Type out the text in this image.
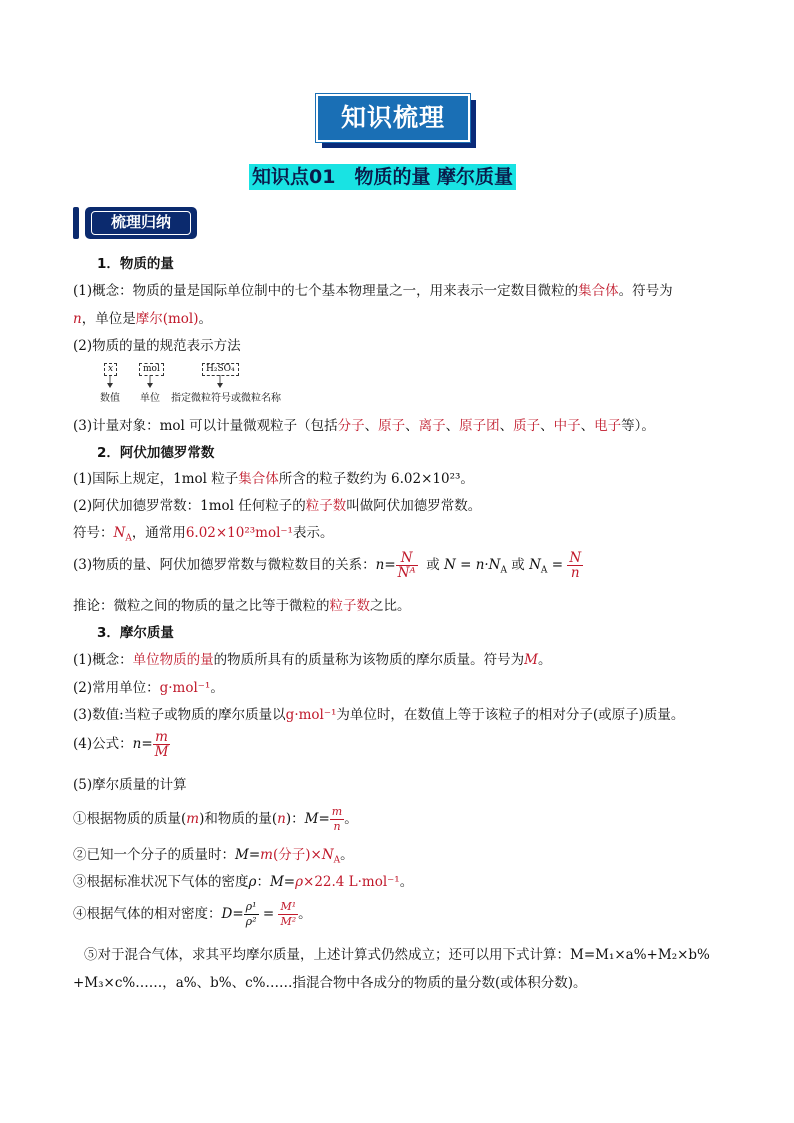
知识梳理
知识点01　物质的量 摩尔质量
梳理归纳
1．物质的量
(1)概念：物质的量是国际单位制中的七个基本物理量之一，用来表示一定数目微粒的集合体。符号为
n，单位是摩尔(mol)。
(2)物质的量的规范表示方法
x	mol	H₂SO₄
数值 单位 指定微粒符号或微粒名称
(3)计量对象：mol 可以计量微观粒子（包括分子、原子、离子、原子团、质子、中子、电子等）。
2．阿伏加德罗常数
(1)国际上规定，1mol 粒子集合体所含的粒子数约为 6.02×10²³。
(2)阿伏加德罗常数：1mol 任何粒子的粒子数叫做阿伏加德罗常数。
符号：$N_A$，通常用6.02×10²³mol⁻¹表示。
(3)物质的量、阿伏加德罗常数与微粒数目的关系：$n= \frac{N}{\text{Nᴬ}}$ 或 $N = n\cdot N_A$ 或 $N_A = \frac{N}{n}$
推论：微粒之间的物质的量之比等于微粒的粒子数之比。
3．摩尔质量
(1)概念：单位物质的量的物质所具有的质量称为该物质的摩尔质量。符号为M。
(2)常用单位：g·mol⁻¹。
(3)数值:当粒子或物质的摩尔质量以g·mol⁻¹为单位时，在数值上等于该粒子的相对分子(或原子)质量。
(4)公式：$n= \frac{m}{M}$
(5)摩尔质量的计算
①根据物质的质量(m)和物质的量(n)：$M= \frac{m}{n}$ 。
②已知一个分子的质量时：M=m(分子)$\times N_A$。
③根据标准状况下气体的密度ρ：M=ρ×22.4 L·mol⁻¹。
④根据气体的相对密度：$D= \frac{\text{ρ¹}}{\text{ρ²}} = \frac{\text{M¹}}{\text{M²}}$ 。
⑤对于混合气体，求其平均摩尔质量，上述计算式仍然成立；还可以用下式计算：M=M₁×a%+M₂×b%
+M₃×c%……，a%、b%、c%……指混合物中各成分的物质的量分数(或体积分数)。
